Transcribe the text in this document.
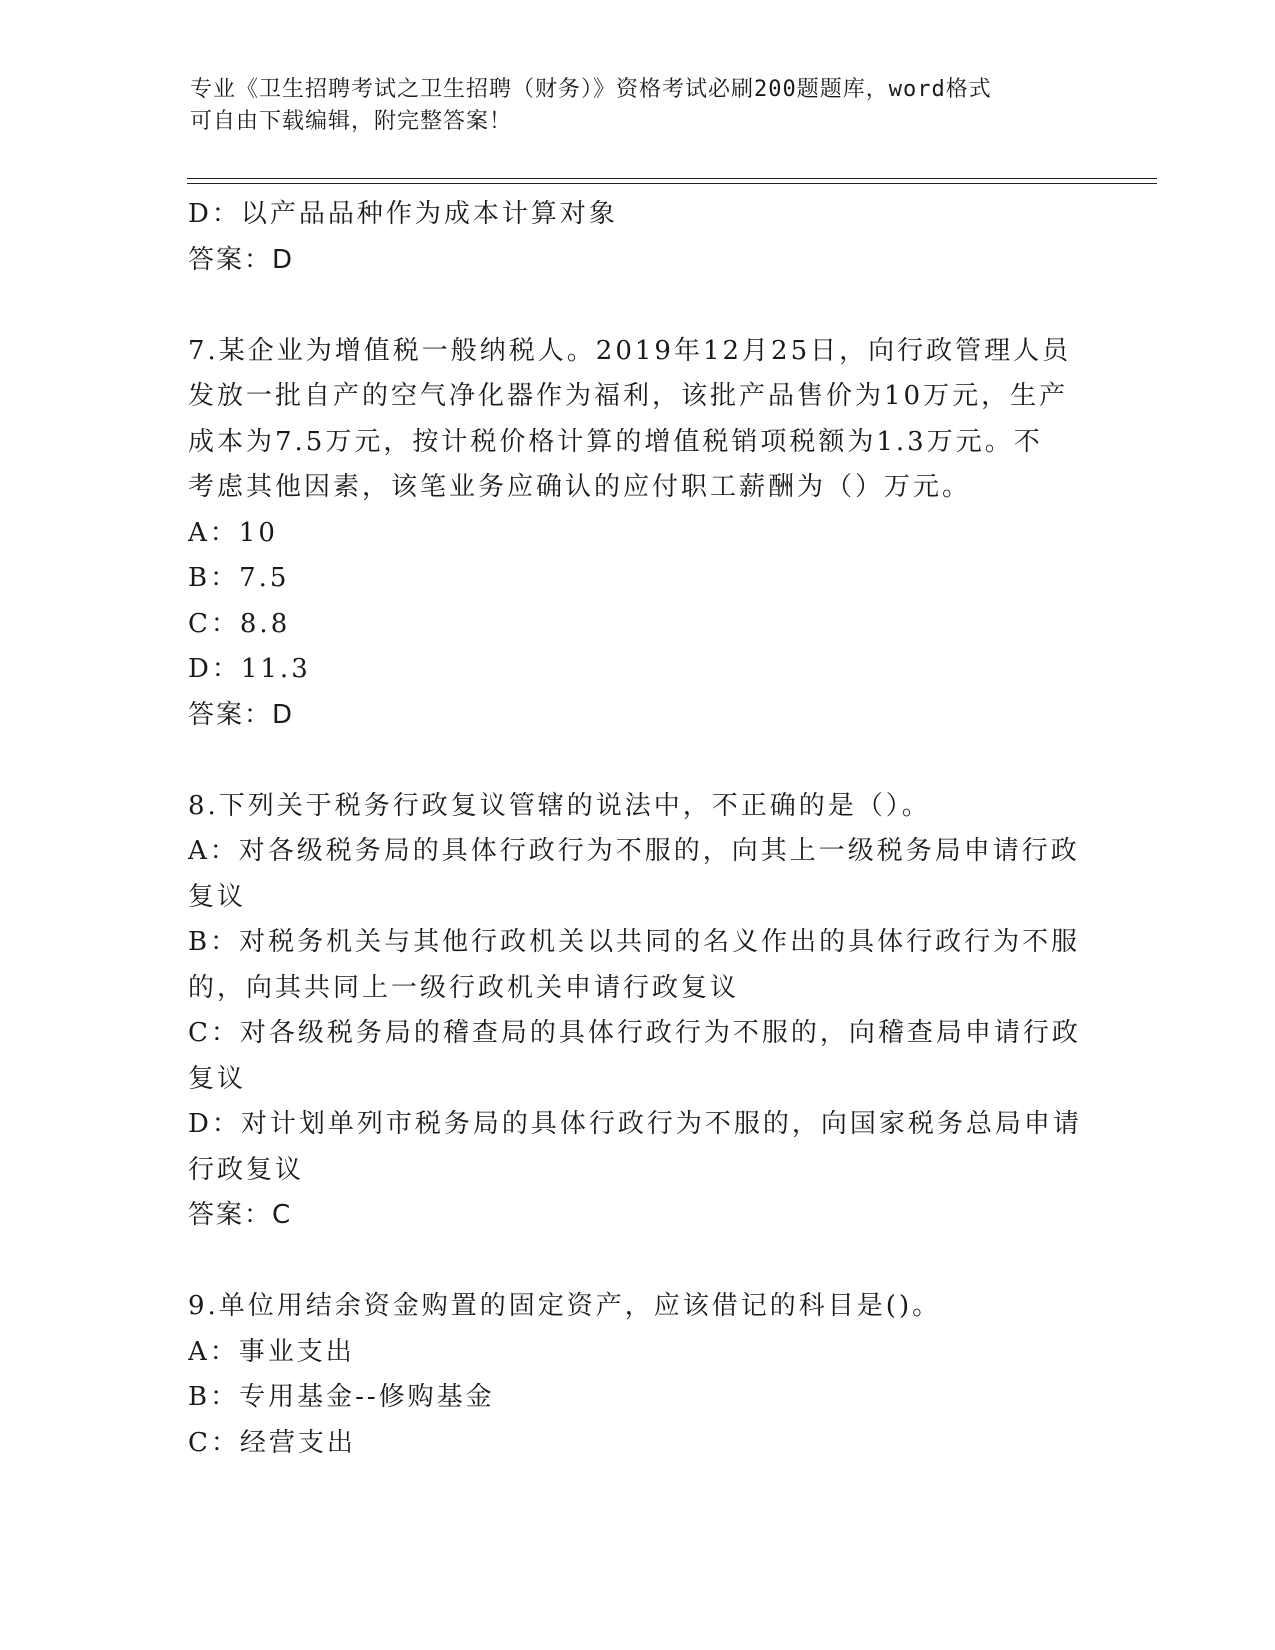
专业《卫生招聘考试之卫生招聘（财务）》资格考试必刷200题题库，word格式
可自由下载编辑，附完整答案！
D：以产品品种作为成本计算对象
答案：D
7.某企业为增值税一般纳税人。2019年12月25日，向行政管理人员
发放一批自产的空气净化器作为福利，该批产品售价为10万元，生产
成本为7.5万元，按计税价格计算的增值税销项税额为1.3万元。不
考虑其他因素，该笔业务应确认的应付职工薪酬为（）万元。
A：10
B：7.5
C：8.8
D：11.3
答案：D
8.下列关于税务行政复议管辖的说法中，不正确的是（）。
A：对各级税务局的具体行政行为不服的，向其上一级税务局申请行政
复议
B：对税务机关与其他行政机关以共同的名义作出的具体行政行为不服
的，向其共同上一级行政机关申请行政复议
C：对各级税务局的稽查局的具体行政行为不服的，向稽查局申请行政
复议
D：对计划单列市税务局的具体行政行为不服的，向国家税务总局申请
行政复议
答案：C
9.单位用结余资金购置的固定资产，应该借记的科目是()。
A：事业支出
B：专用基金--修购基金
C：经营支出
